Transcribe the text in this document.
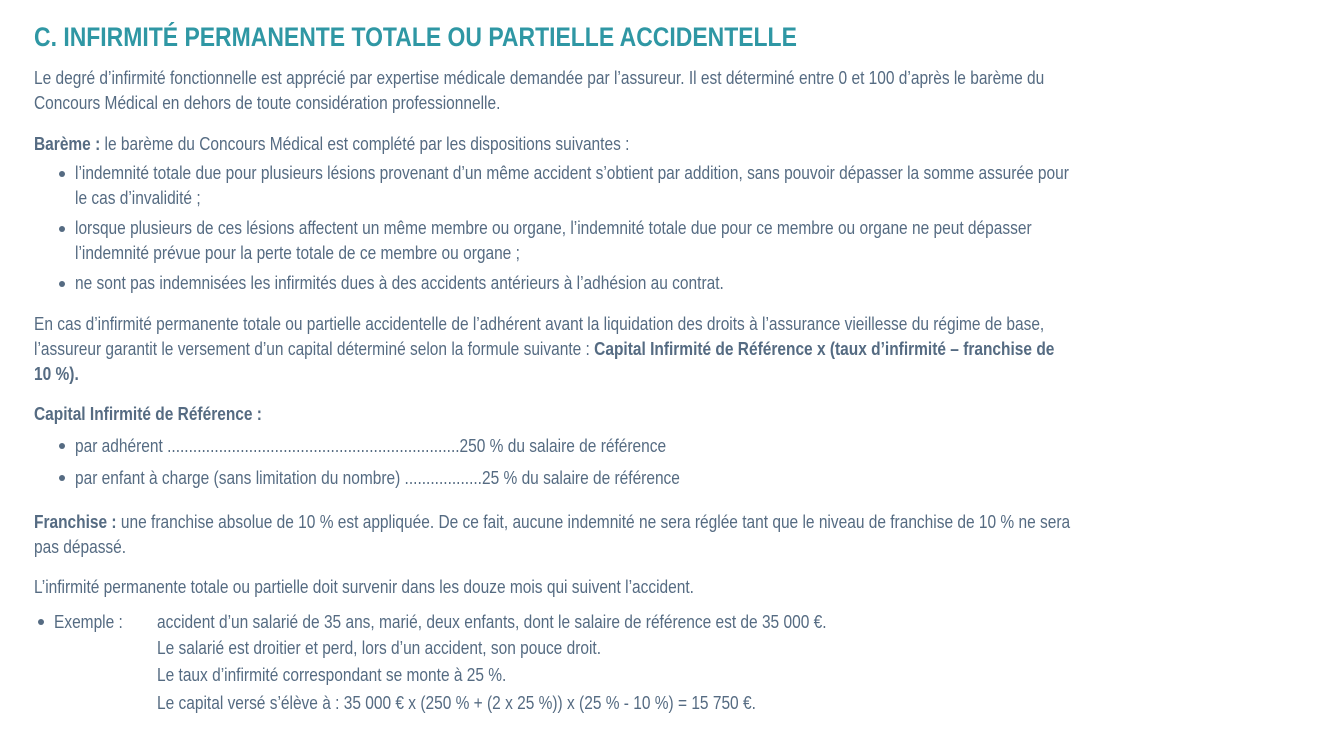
C. INFIRMITÉ PERMANENTE TOTALE OU PARTIELLE ACCIDENTELLE
Le degré d’infirmité fonctionnelle est apprécié par expertise médicale demandée par l’assureur. Il est déterminé entre 0 et 100 d’après le barème du
Concours Médical en dehors de toute considération professionnelle.
Barème : le barème du Concours Médical est complété par les dispositions suivantes :
l’indemnité totale due pour plusieurs lésions provenant d’un même accident s’obtient par addition, sans pouvoir dépasser la somme assurée pour
le cas d’invalidité ;
lorsque plusieurs de ces lésions affectent un même membre ou organe, l’indemnité totale due pour ce membre ou organe ne peut dépasser
l’indemnité prévue pour la perte totale de ce membre ou organe ;
ne sont pas indemnisées les infirmités dues à des accidents antérieurs à l’adhésion au contrat.
En cas d’infirmité permanente totale ou partielle accidentelle de l’adhérent avant la liquidation des droits à l’assurance vieillesse du régime de base,
l’assureur garantit le versement d’un capital déterminé selon la formule suivante : Capital Infirmité de Référence x (taux d’infirmité – franchise de
10 %).
Capital Infirmité de Référence :
par adhérent ....................................................................250 % du salaire de référence
par enfant à charge (sans limitation du nombre) ..................25 % du salaire de référence
Franchise : une franchise absolue de 10 % est appliquée. De ce fait, aucune indemnité ne sera réglée tant que le niveau de franchise de 10 % ne sera
pas dépassé.
L’infirmité permanente totale ou partielle doit survenir dans les douze mois qui suivent l’accident.
Exemple : accident d’un salarié de 35 ans, marié, deux enfants, dont le salaire de référence est de 35 000 €.
Le salarié est droitier et perd, lors d’un accident, son pouce droit.
Le taux d’infirmité correspondant se monte à 25 %.
Le capital versé s’élève à : 35 000 € x (250 % + (2 x 25 %)) x (25 % - 10 %) = 15 750 €.
